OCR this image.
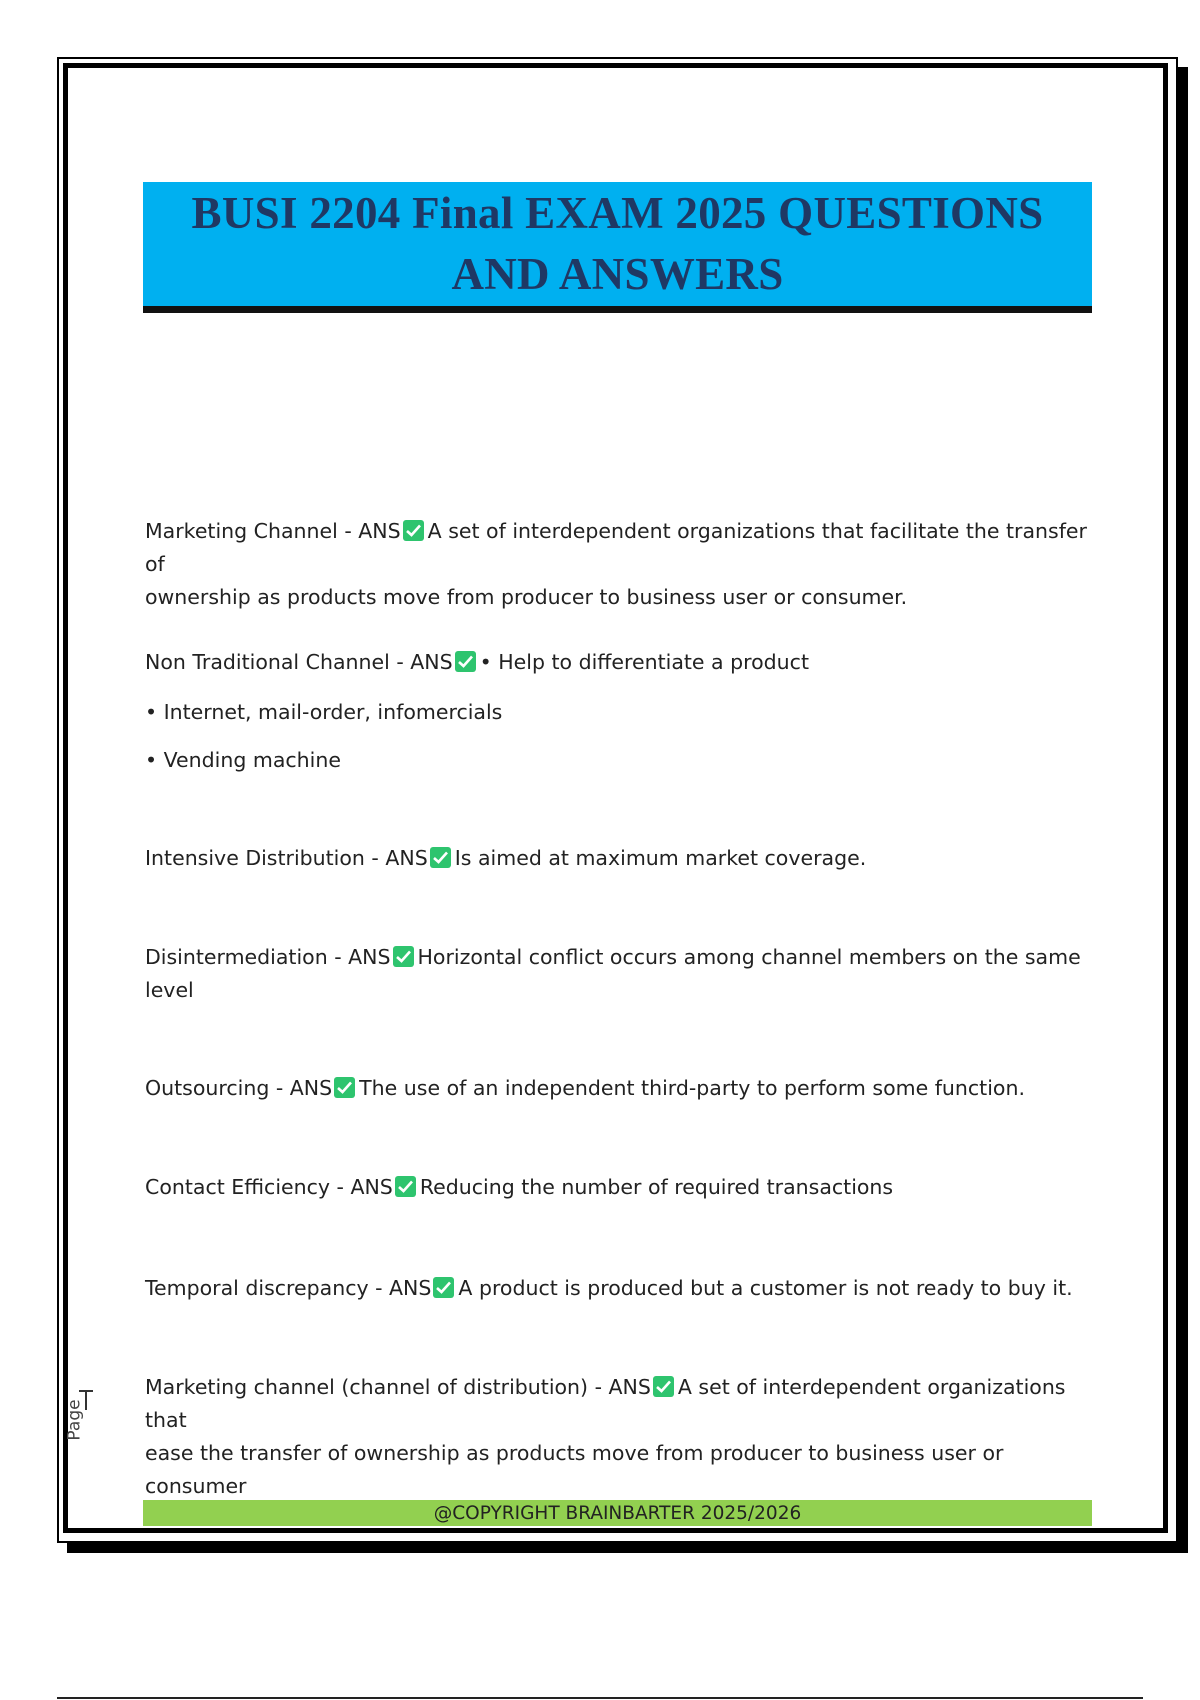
BUSI 2204 Final EXAM 2025 QUESTIONS
AND ANSWERS
Marketing Channel - ANS A set of interdependent organizations that facilitate the transfer of
ownership as products move from producer to business user or consumer.
Non Traditional Channel - ANS • Help to differentiate a product
• Internet, mail-order, infomercials
• Vending machine
Intensive Distribution - ANS Is aimed at maximum market coverage.
Disintermediation - ANS Horizontal conflict occurs among channel members on the same
level
Outsourcing - ANS The use of an independent third-party to perform some function.
Contact Efficiency - ANS Reducing the number of required transactions
Temporal discrepancy - ANS A product is produced but a customer is not ready to buy it.
Marketing channel (channel of distribution) - ANS A set of interdependent organizations that
ease the transfer of ownership as products move from producer to business user or consumer
Page
@COPYRIGHT BRAINBARTER 2025/2026
